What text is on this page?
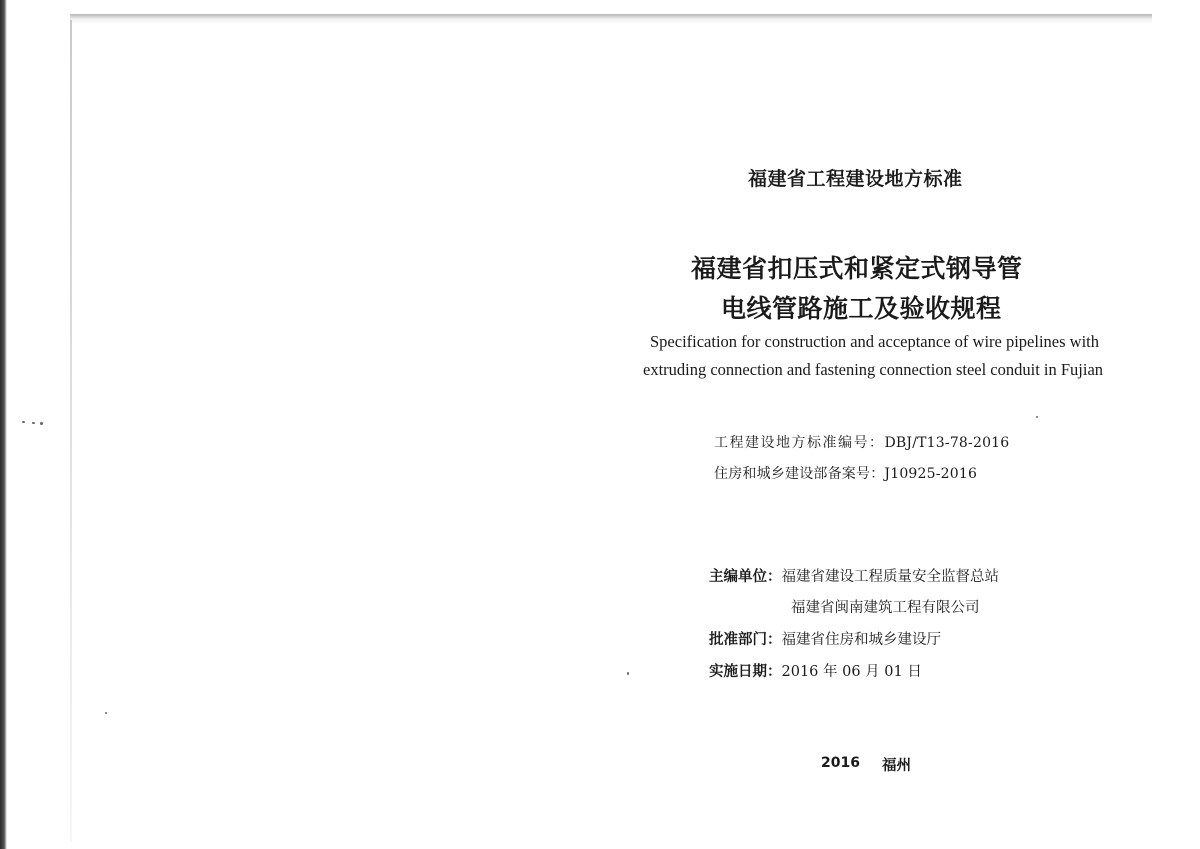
福建省工程建设地方标准
福建省扣压式和紧定式钢导管
电线管路施工及验收规程
Specification for construction and acceptance of wire pipelines with
extruding connection and fastening connection steel conduit in Fujian
工程建设地方标准编号：DBJ/T13-78-2016
住房和城乡建设部备案号：J10925-2016
主编单位：福建省建设工程质量安全监督总站
福建省闽南建筑工程有限公司
批准部门：福建省住房和城乡建设厅
实施日期：2016 年 06 月 01 日
2016 福州
